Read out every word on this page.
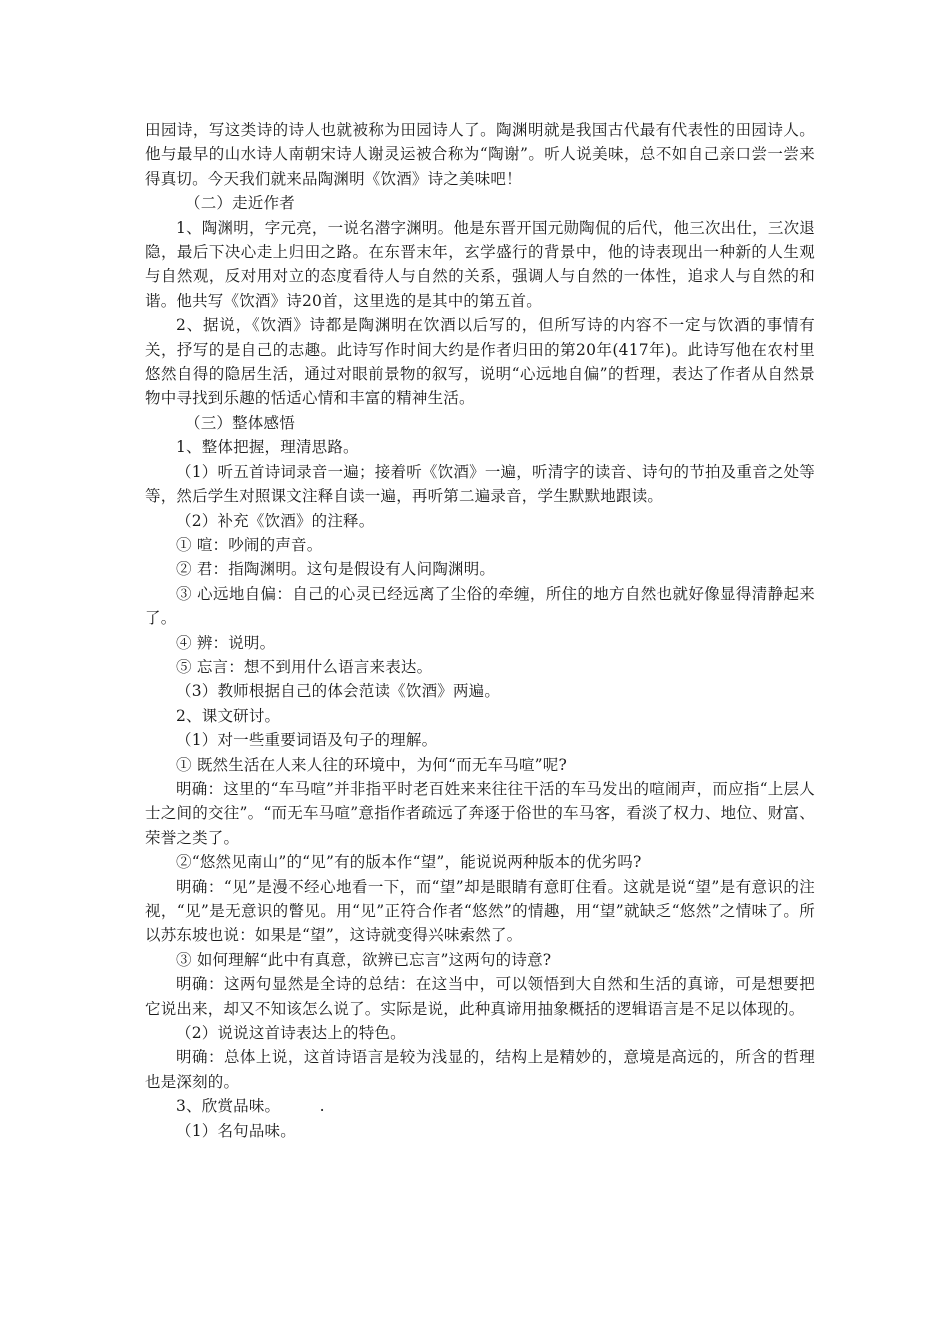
田园诗，写这类诗的诗人也就被称为田园诗人了。陶渊明就是我国古代最有代表性的田园诗人。他与最早的山水诗人南朝宋诗人谢灵运被合称为“陶谢”。听人说美味，总不如自己亲口尝一尝来得真切。今天我们就来品陶渊明《饮酒》诗之美味吧！

（二）走近作者

1、陶渊明，字元亮，一说名潜字渊明。他是东晋开国元勋陶侃的后代，他三次出仕，三次退隐，最后下决心走上归田之路。在东晋末年，玄学盛行的背景中，他的诗表现出一种新的人生观与自然观，反对用对立的态度看待人与自然的关系，强调人与自然的一体性，追求人与自然的和谐。他共写《饮酒》诗20首，这里选的是其中的第五首。

2、据说，《饮酒》诗都是陶渊明在饮酒以后写的，但所写诗的内容不一定与饮酒的事情有关，抒写的是自己的志趣。此诗写作时间大约是作者归田的第20年(417年)。此诗写他在农村里悠然自得的隐居生活，通过对眼前景物的叙写，说明“心远地自偏”的哲理，表达了作者从自然景物中寻找到乐趣的恬适心情和丰富的精神生活。

（三）整体感悟

1、整体把握，理清思路。

（1）听五首诗词录音一遍；接着听《饮酒》一遍，听清字的读音、诗句的节拍及重音之处等等，然后学生对照课文注释自读一遍，再听第二遍录音，学生默默地跟读。

（2）补充《饮酒》的注释。

① 喧：吵闹的声音。

② 君：指陶渊明。这句是假设有人问陶渊明。

③ 心远地自偏：自己的心灵已经远离了尘俗的牵缠，所住的地方自然也就好像显得清静起来了。

④ 辨：说明。

⑤ 忘言：想不到用什么语言来表达。

（3）教师根据自己的体会范读《饮酒》两遍。

2、课文研讨。

（1）对一些重要词语及句子的理解。

① 既然生活在人来人往的环境中，为何“而无车马喧”呢?

明确：这里的“车马喧”并非指平时老百姓来来往往干活的车马发出的喧闹声，而应指“上层人士之间的交往”。“而无车马喧”意指作者疏远了奔逐于俗世的车马客，看淡了权力、地位、财富、荣誉之类了。

②“悠然见南山”的“见”有的版本作“望”，能说说两种版本的优劣吗?

明确：“见”是漫不经心地看一下，而“望”却是眼睛有意盯住看。这就是说“望”是有意识的注视，“见”是无意识的瞥见。用“见”正符合作者“悠然”的情趣，用“望”就缺乏“悠然”之情味了。所以苏东坡也说：如果是“望”，这诗就变得兴味索然了。

③ 如何理解“此中有真意，欲辨已忘言”这两句的诗意?

明确：这两句显然是全诗的总结：在这当中，可以领悟到大自然和生活的真谛，可是想要把它说出来，却又不知该怎么说了。实际是说，此种真谛用抽象概括的逻辑语言是不足以体现的。

（2）说说这首诗表达上的特色。

明确：总体上说，这首诗语言是较为浅显的，结构上是精妙的，意境是高远的，所含的哲理也是深刻的。

3、欣赏品味。　　　.

（1）名句品味。
